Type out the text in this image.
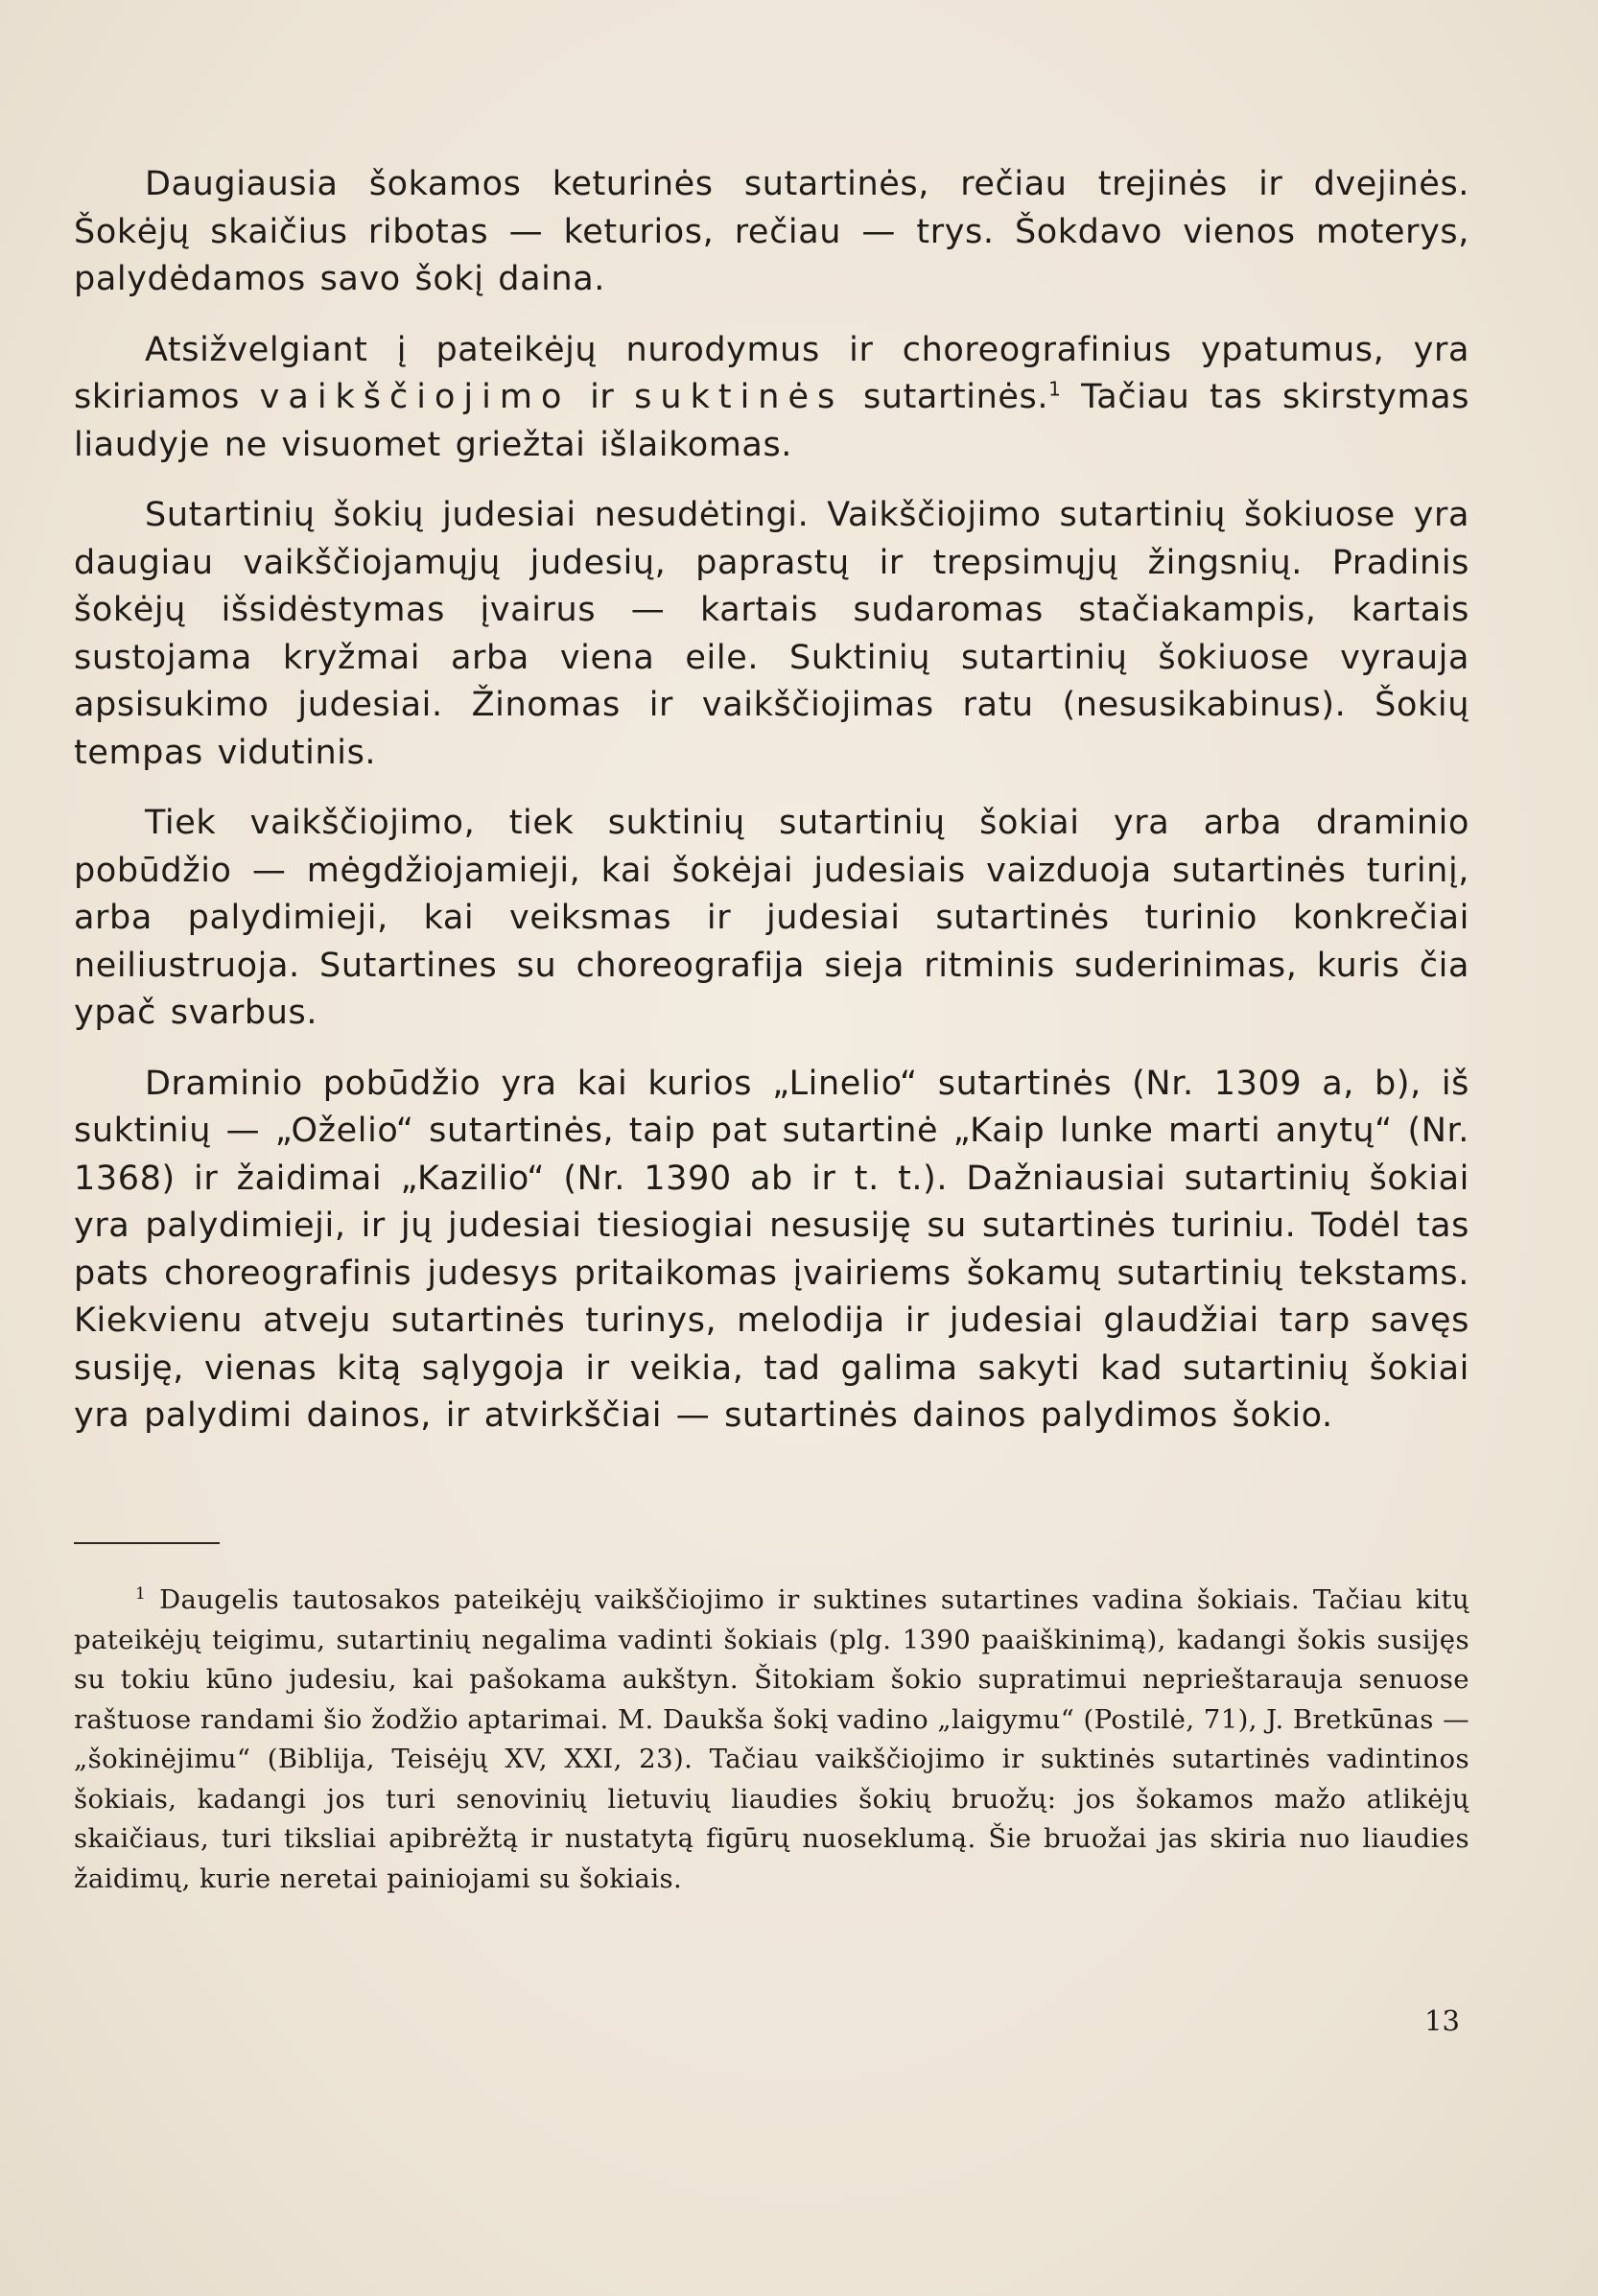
Daugiausia šokamos keturinės sutartinės, rečiau trejinės ir dvejinės. Šokėjų skaičius ribotas — keturios, rečiau — trys. Šokdavo vienos moterys, palydėdamos savo šokį daina.

Atsižvelgiant į pateikėjų nurodymus ir choreografinius ypatumus, yra skiriamos vaikščiojimo ir suktinės sutartinės.$^1$ Tačiau tas skirstymas liaudyje ne visuomet griežtai išlaikomas.

Sutartinių šokių judesiai nesudėtingi. Vaikščiojimo sutartinių šokiuose yra daugiau vaikščiojamųjų judesių, paprastų ir trepsimųjų žingsnių. Pradinis šokėjų išsidėstymas įvairus — kartais sudaromas stačiakampis, kartais sustojama kryžmai arba viena eile. Suktinių sutartinių šokiuose vyrauja apsisukimo judesiai. Žinomas ir vaikščiojimas ratu (nesusikabinus). Šokių tempas vidutinis.

Tiek vaikščiojimo, tiek suktinių sutartinių šokiai yra arba draminio pobūdžio — mėgdžiojamieji, kai šokėjai judesiais vaizduoja sutartinės turinį, arba palydimieji, kai veiksmas ir judesiai sutartinės turinio konkrečiai neiliustruoja. Sutartines su choreografija sieja ritminis suderinimas, kuris čia ypač svarbus.

Draminio pobūdžio yra kai kurios „Linelio“ sutartinės (Nr. 1309 a, b), iš suktinių — „Oželio“ sutartinės, taip pat sutartinė „Kaip lunke marti anytų“ (Nr. 1368) ir žaidimai „Kazilio“ (Nr. 1390 ab ir t. t.). Dažniausiai sutartinių šokiai yra palydimieji, ir jų judesiai tiesiogiai nesusiję su sutartinės turiniu. Todėl tas pats choreografinis judesys pritaikomas įvairiems šokamų sutartinių tekstams. Kiekvienu atveju sutartinės turinys, melodija ir judesiai glaudžiai tarp savęs susiję, vienas kitą sąlygoja ir veikia, tad galima sakyti kad sutartinių šokiai yra palydimi dainos, ir atvirkščiai — sutartinės dainos palydimos šokio.

$^1$ Daugelis tautosakos pateikėjų vaikščiojimo ir suktines sutartines vadina šokiais. Tačiau kitų pateikėjų teigimu, sutartinių negalima vadinti šokiais (plg. 1390 paaiškinimą), kadangi šokis susijęs su tokiu kūno judesiu, kai pašokama aukštyn. Šitokiam šokio supratimui neprieštarauja senuose raštuose randami šio žodžio aptarimai. M. Daukša šokį vadino „laigymu“ (Postilė, 71), J. Bretkūnas — „šokinėjimu“ (Biblija, Teisėjų XV, XXI, 23). Tačiau vaikščiojimo ir suktinės sutartinės vadintinos šokiais, kadangi jos turi senovinių lietuvių liaudies šokių bruožų: jos šokamos mažo atlikėjų skaičiaus, turi tiksliai apibrėžtą ir nustatytą figūrų nuoseklumą. Šie bruožai jas skiria nuo liaudies žaidimų, kurie neretai painiojami su šokiais.

13
